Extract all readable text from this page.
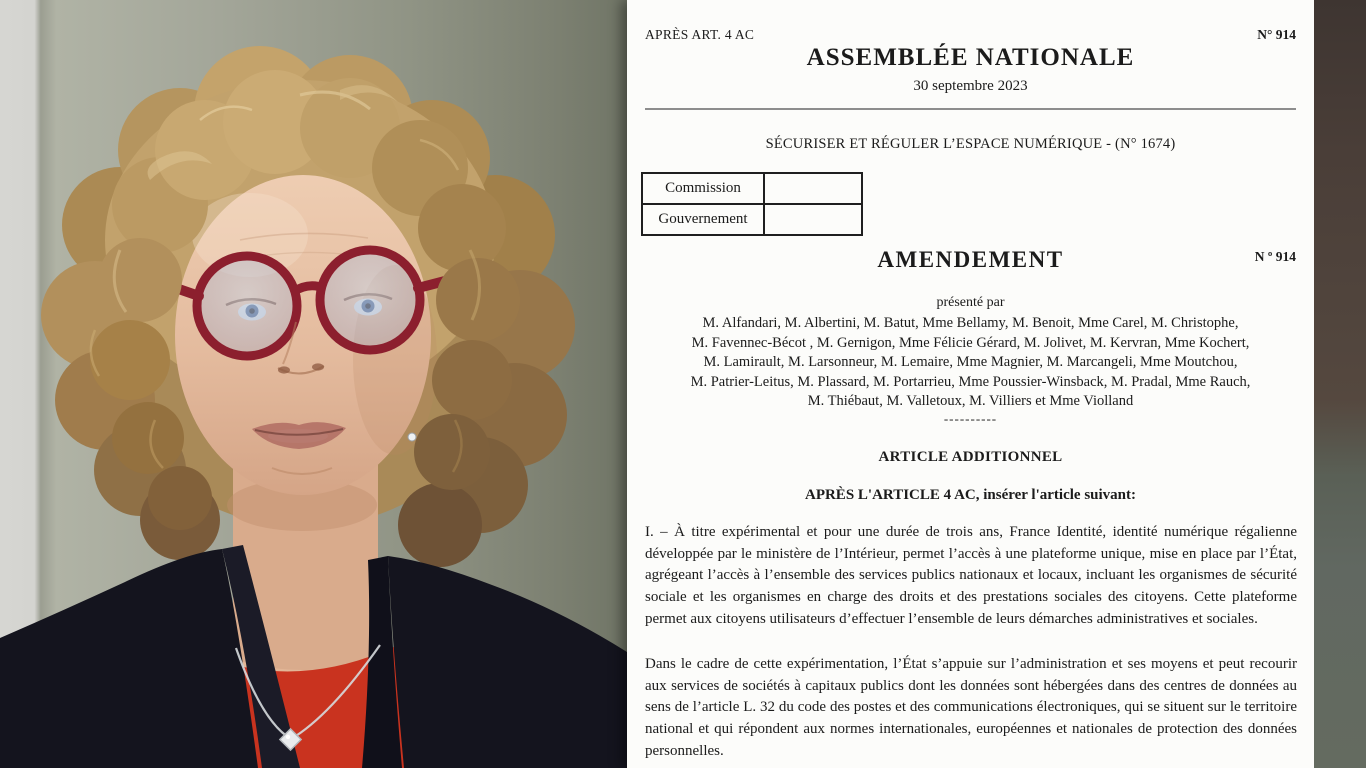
APRÈS ART. 4 AC	N° 914
ASSEMBLÉE NATIONALE
30 septembre 2023
SÉCURISER ET RÉGULER L’ESPACE NUMÉRIQUE - (N° 1674)
Commission	
Gouvernement	
AMENDEMENT	N º 914
présenté par
M. Alfandari, M. Albertini, M. Batut, Mme Bellamy, M. Benoit, Mme Carel, M. Christophe,
M. Favennec-Bécot , M. Gernigon, Mme Félicie Gérard, M. Jolivet, M. Kervran, Mme Kochert,
M. Lamirault, M. Larsonneur, M. Lemaire, Mme Magnier, M. Marcangeli, Mme Moutchou,
M. Patrier-Leitus, M. Plassard, M. Portarrieu, Mme Poussier-Winsback, M. Pradal, Mme Rauch,
M. Thiébaut, M. Valletoux, M. Villiers et Mme Violland
----------
ARTICLE ADDITIONNEL
APRÈS L'ARTICLE 4 AC, insérer l'article suivant:
I. – À titre expérimental et pour une durée de trois ans, France Identité, identité numérique régalienne développée par le ministère de l’Intérieur, permet l’accès à une plateforme unique, mise en place par l’État, agrégeant l’accès à l’ensemble des services publics nationaux et locaux, incluant les organismes de sécurité sociale et les organismes en charge des droits et des prestations sociales des citoyens. Cette plateforme permet aux citoyens utilisateurs d’effectuer l’ensemble de leurs démarches administratives et sociales.
Dans le cadre de cette expérimentation, l’État s’appuie sur l’administration et ses moyens et peut recourir aux services de sociétés à capitaux publics dont les données sont hébergées dans des centres de données au sens de l’article L. 32 du code des postes et des communications électroniques, qui se situent sur le territoire national et qui répondent aux normes internationales, européennes et nationales de protection des données personnelles.
